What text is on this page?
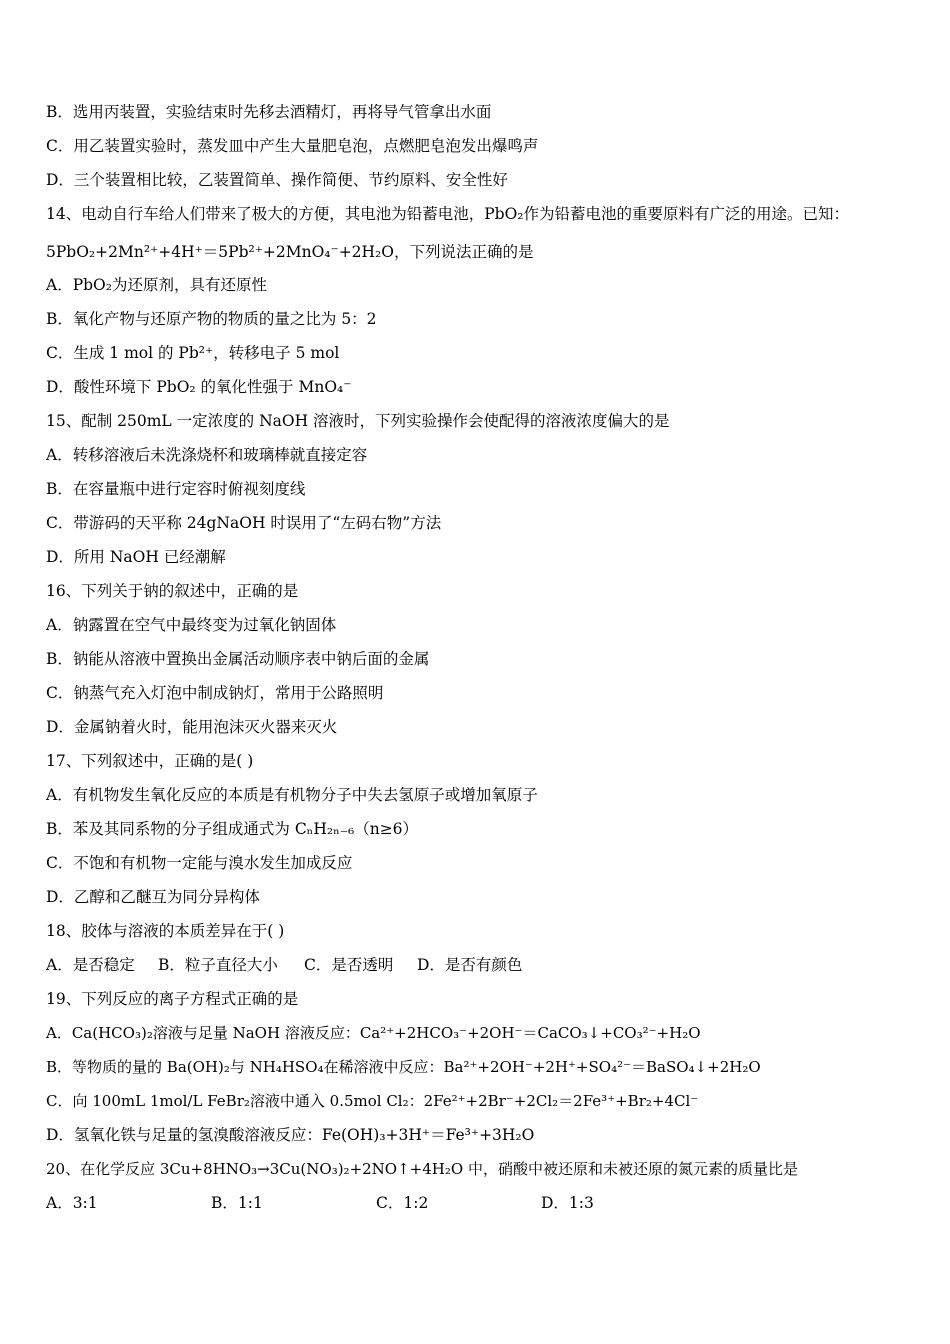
B．选用丙装置，实验结束时先移去酒精灯，再将导气管拿出水面
C．用乙装置实验时，蒸发皿中产生大量肥皂泡，点燃肥皂泡发出爆鸣声
D．三个装置相比较，乙装置简单、操作简便、节约原料、安全性好
14、电动自行车给人们带来了极大的方便，其电池为铅蓄电池，PbO₂作为铅蓄电池的重要原料有广泛的用途。已知：
5PbO₂+2Mn²⁺+4H⁺＝5Pb²⁺+2MnO₄⁻+2H₂O，下列说法正确的是
A．PbO₂为还原剂，具有还原性
B．氧化产物与还原产物的物质的量之比为 5：2
C．生成 1 mol 的 Pb²⁺，转移电子 5 mol
D．酸性环境下 PbO₂ 的氧化性强于 MnO₄⁻
15、配制 250mL 一定浓度的 NaOH 溶液时，下列实验操作会使配得的溶液浓度偏大的是
A．转移溶液后未洗涤烧杯和玻璃棒就直接定容
B．在容量瓶中进行定容时俯视刻度线
C．带游码的天平称 24gNaOH 时误用了“左码右物”方法
D．所用 NaOH 已经潮解
16、下列关于钠的叙述中，正确的是
A．钠露置在空气中最终变为过氧化钠固体
B．钠能从溶液中置换出金属活动顺序表中钠后面的金属
C．钠蒸气充入灯泡中制成钠灯，常用于公路照明
D．金属钠着火时，能用泡沫灭火器来灭火
17、下列叙述中，正确的是( )
A．有机物发生氧化反应的本质是有机物分子中失去氢原子或增加氧原子
B．苯及其同系物的分子组成通式为 CₙH₂ₙ₋₆（n≥6）
C．不饱和有机物一定能与溴水发生加成反应
D．乙醇和乙醚互为同分异构体
18、胶体与溶液的本质差异在于( )
A．是否稳定 B．粒子直径大小 C．是否透明 D．是否有颜色
19、下列反应的离子方程式正确的是
A．Ca(HCO₃)₂溶液与足量 NaOH 溶液反应：Ca²⁺+2HCO₃⁻+2OH⁻＝CaCO₃↓+CO₃²⁻+H₂O
B．等物质的量的 Ba(OH)₂与 NH₄HSO₄在稀溶液中反应：Ba²⁺+2OH⁻+2H⁺+SO₄²⁻＝BaSO₄↓+2H₂O
C．向 100mL 1mol/L FeBr₂溶液中通入 0.5mol Cl₂：2Fe²⁺+2Br⁻+2Cl₂＝2Fe³⁺+Br₂+4Cl⁻
D．氢氧化铁与足量的氢溴酸溶液反应：Fe(OH)₃+3H⁺＝Fe³⁺+3H₂O
20、在化学反应 3Cu+8HNO₃→3Cu(NO₃)₂+2NO↑+4H₂O 中，硝酸中被还原和未被还原的氮元素的质量比是
A．3:1	B．1:1	C．1:2	D．1:3
